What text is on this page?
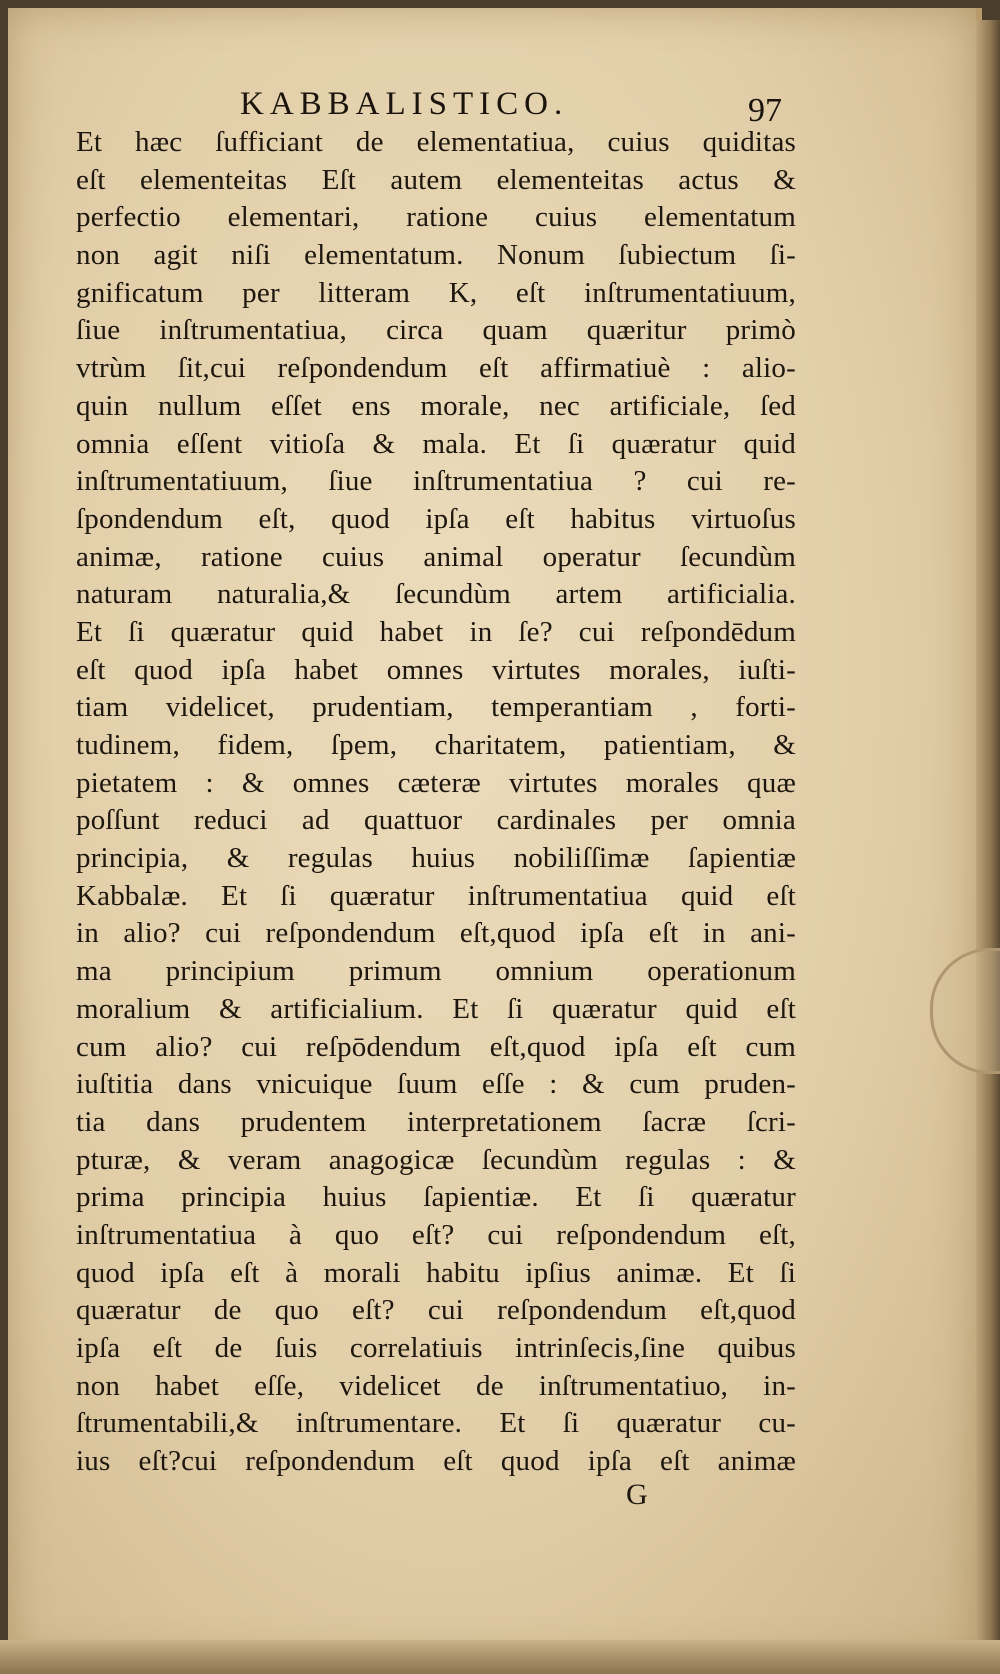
KABBALISTICO.	97
Et hæc ſufficiant de elementatiua, cuius quiditas
eſt elementeitas Eſt autem elementeitas actus &
perfectio elementari, ratione cuius elementatum
non agit niſi elementatum. Nonum ſubiectum ſi-
gnificatum per litteram K, eſt inſtrumentatiuum,
ſiue inſtrumentatiua, circa quam quæritur primò
vtrùm ſit,cui reſpondendum eſt affirmatiuè : alio-
quin nullum eſſet ens morale, nec artificiale, ſed
omnia eſſent vitioſa & mala. Et ſi quæratur quid
inſtrumentatiuum, ſiue inſtrumentatiua ? cui re-
ſpondendum eſt, quod ipſa eſt habitus virtuoſus
animæ, ratione cuius animal operatur ſecundùm
naturam naturalia,& ſecundùm artem artificialia.
Et ſi quæratur quid habet in ſe? cui reſpondēdum
eſt quod ipſa habet omnes virtutes morales, iuſti-
tiam videlicet, prudentiam, temperantiam , forti-
tudinem, fidem, ſpem, charitatem, patientiam, &
pietatem : & omnes cæteræ virtutes morales quæ
poſſunt reduci ad quattuor cardinales per omnia
principia, & regulas huius nobiliſſimæ ſapientiæ
Kabbalæ. Et ſi quæratur inſtrumentatiua quid eſt
in alio? cui reſpondendum eſt,quod ipſa eſt in ani-
ma principium primum omnium operationum
moralium & artificialium. Et ſi quæratur quid eſt
cum alio? cui reſpōdendum eſt,quod ipſa eſt cum
iuſtitia dans vnicuique ſuum eſſe : & cum pruden-
tia dans prudentem interpretationem ſacræ ſcri-
pturæ, & veram anagogicæ ſecundùm regulas : &
prima principia huius ſapientiæ. Et ſi quæratur
inſtrumentatiua à quo eſt? cui reſpondendum eſt,
quod ipſa eſt à morali habitu ipſius animæ. Et ſi
quæratur de quo eſt? cui reſpondendum eſt,quod
ipſa eſt de ſuis correlatiuis intrinſecis,ſine quibus
non habet eſſe, videlicet de inſtrumentatiuo, in-
ſtrumentabili,& inſtrumentare. Et ſi quæratur cu-
ius eſt?cui reſpondendum eſt quod ipſa eſt animæ
G
